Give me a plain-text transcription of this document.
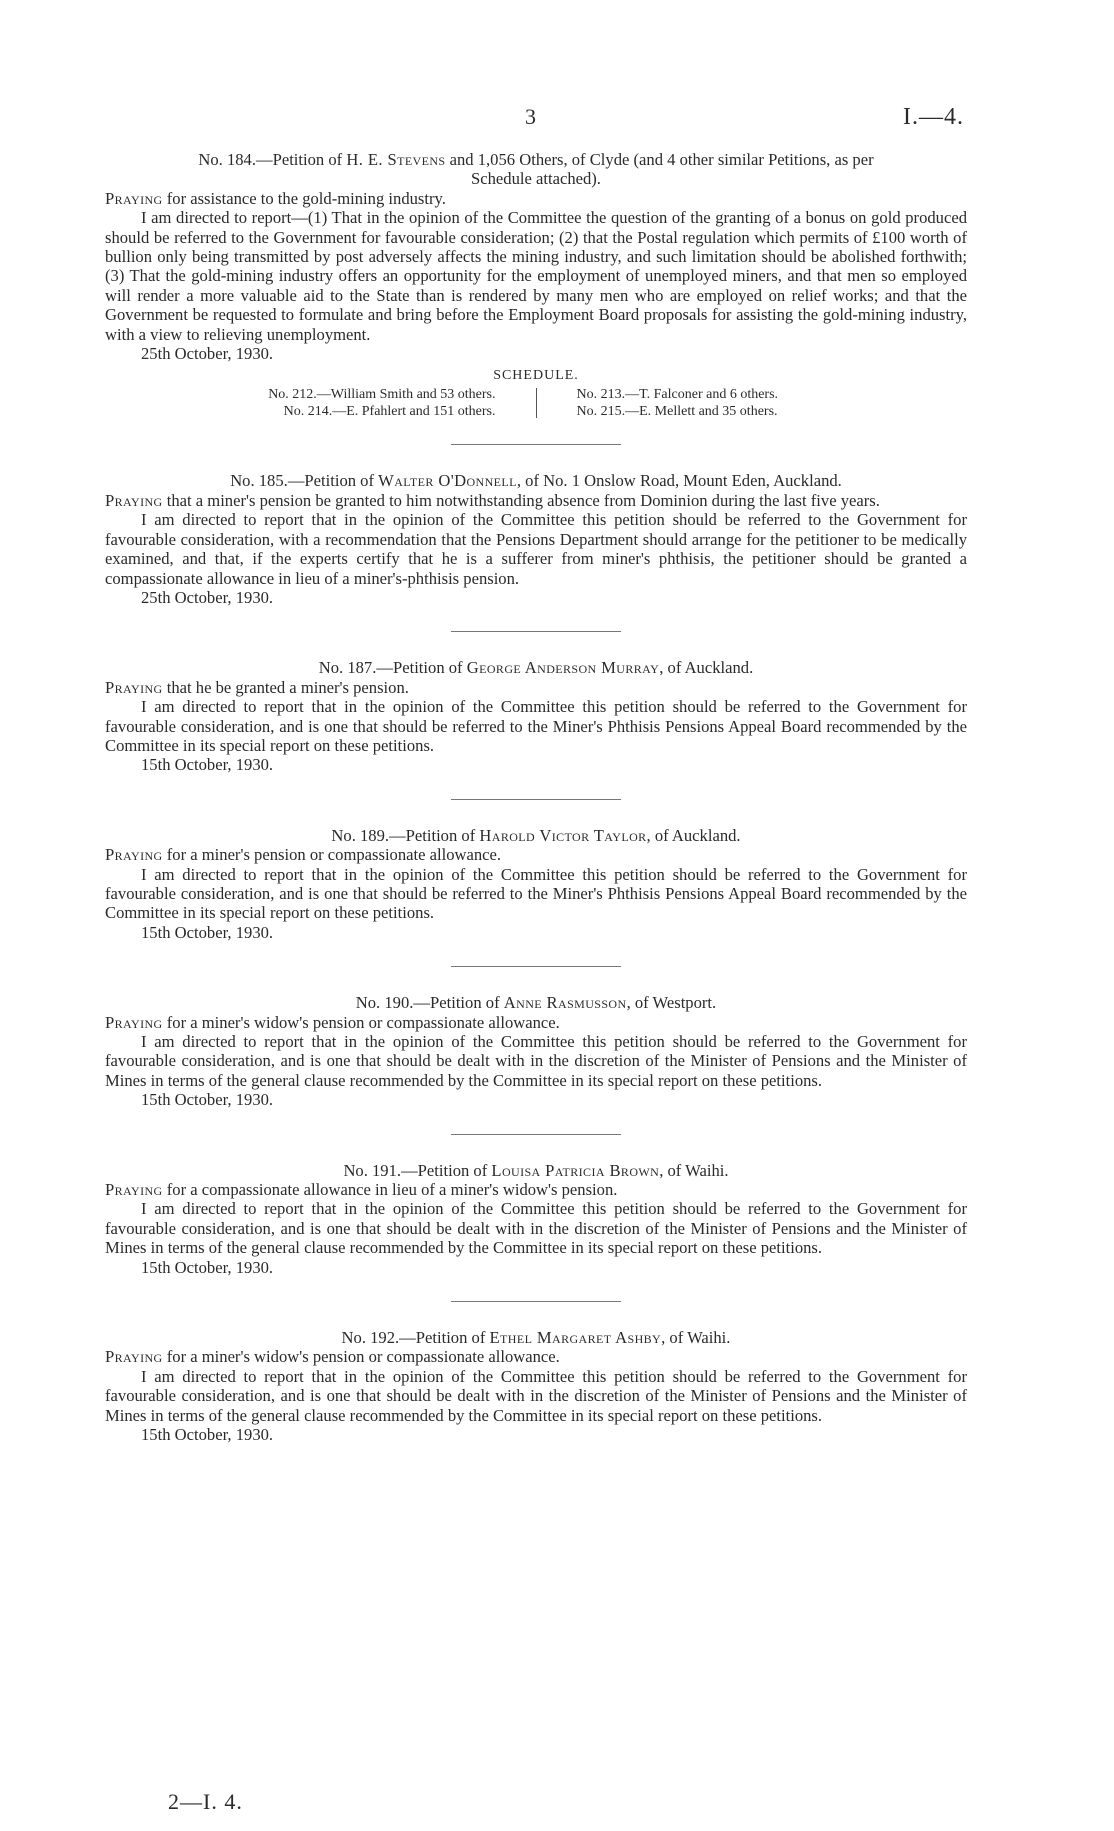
3	I.—4.

No. 184.—Petition of H. E. Stevens and 1,056 Others, of Clyde (and 4 other similar Petitions, as per
Schedule attached).

Praying for assistance to the gold-mining industry.

I am directed to report—(1) That in the opinion of the Committee the question of the granting of a bonus on gold produced should be referred to the Government for favourable consideration; (2) that the Postal regulation which permits of £100 worth of bullion only being transmitted by post adversely affects the mining industry, and such limitation should be abolished forthwith; (3) That the gold-mining industry offers an opportunity for the employment of unemployed miners, and that men so employed will render a more valuable aid to the State than is rendered by many men who are employed on relief works; and that the Government be requested to formulate and bring before the Employment Board proposals for assisting the gold-mining industry, with a view to relieving unemployment.

25th October, 1930.

SCHEDULE.
No. 212.—William Smith and 53 others.
No. 214.—E. Pfahlert and 151 others.
No. 213.—T. Falconer and 6 others.
No. 215.—E. Mellett and 35 others.

No. 185.—Petition of Walter O'Donnell, of No. 1 Onslow Road, Mount Eden, Auckland.

Praying that a miner's pension be granted to him notwithstanding absence from Dominion during the last five years.

I am directed to report that in the opinion of the Committee this petition should be referred to the Government for favourable consideration, with a recommendation that the Pensions Department should arrange for the petitioner to be medically examined, and that, if the experts certify that he is a sufferer from miner's phthisis, the petitioner should be granted a compassionate allowance in lieu of a miner's-phthisis pension.

25th October, 1930.

No. 187.—Petition of George Anderson Murray, of Auckland.

Praying that he be granted a miner's pension.

I am directed to report that in the opinion of the Committee this petition should be referred to the Government for favourable consideration, and is one that should be referred to the Miner's Phthisis Pensions Appeal Board recommended by the Committee in its special report on these petitions.

15th October, 1930.

No. 189.—Petition of Harold Victor Taylor, of Auckland.

Praying for a miner's pension or compassionate allowance.

I am directed to report that in the opinion of the Committee this petition should be referred to the Government for favourable consideration, and is one that should be referred to the Miner's Phthisis Pensions Appeal Board recommended by the Committee in its special report on these petitions.

15th October, 1930.

No. 190.—Petition of Anne Rasmusson, of Westport.

Praying for a miner's widow's pension or compassionate allowance.

I am directed to report that in the opinion of the Committee this petition should be referred to the Government for favourable consideration, and is one that should be dealt with in the discretion of the Minister of Pensions and the Minister of Mines in terms of the general clause recommended by the Committee in its special report on these petitions.

15th October, 1930.

No. 191.—Petition of Louisa Patricia Brown, of Waihi.

Praying for a compassionate allowance in lieu of a miner's widow's pension.

I am directed to report that in the opinion of the Committee this petition should be referred to the Government for favourable consideration, and is one that should be dealt with in the discretion of the Minister of Pensions and the Minister of Mines in terms of the general clause recommended by the Committee in its special report on these petitions.

15th October, 1930.

No. 192.—Petition of Ethel Margaret Ashby, of Waihi.

Praying for a miner's widow's pension or compassionate allowance.

I am directed to report that in the opinion of the Committee this petition should be referred to the Government for favourable consideration, and is one that should be dealt with in the discretion of the Minister of Pensions and the Minister of Mines in terms of the general clause recommended by the Committee in its special report on these petitions.

15th October, 1930.

2—I. 4.
